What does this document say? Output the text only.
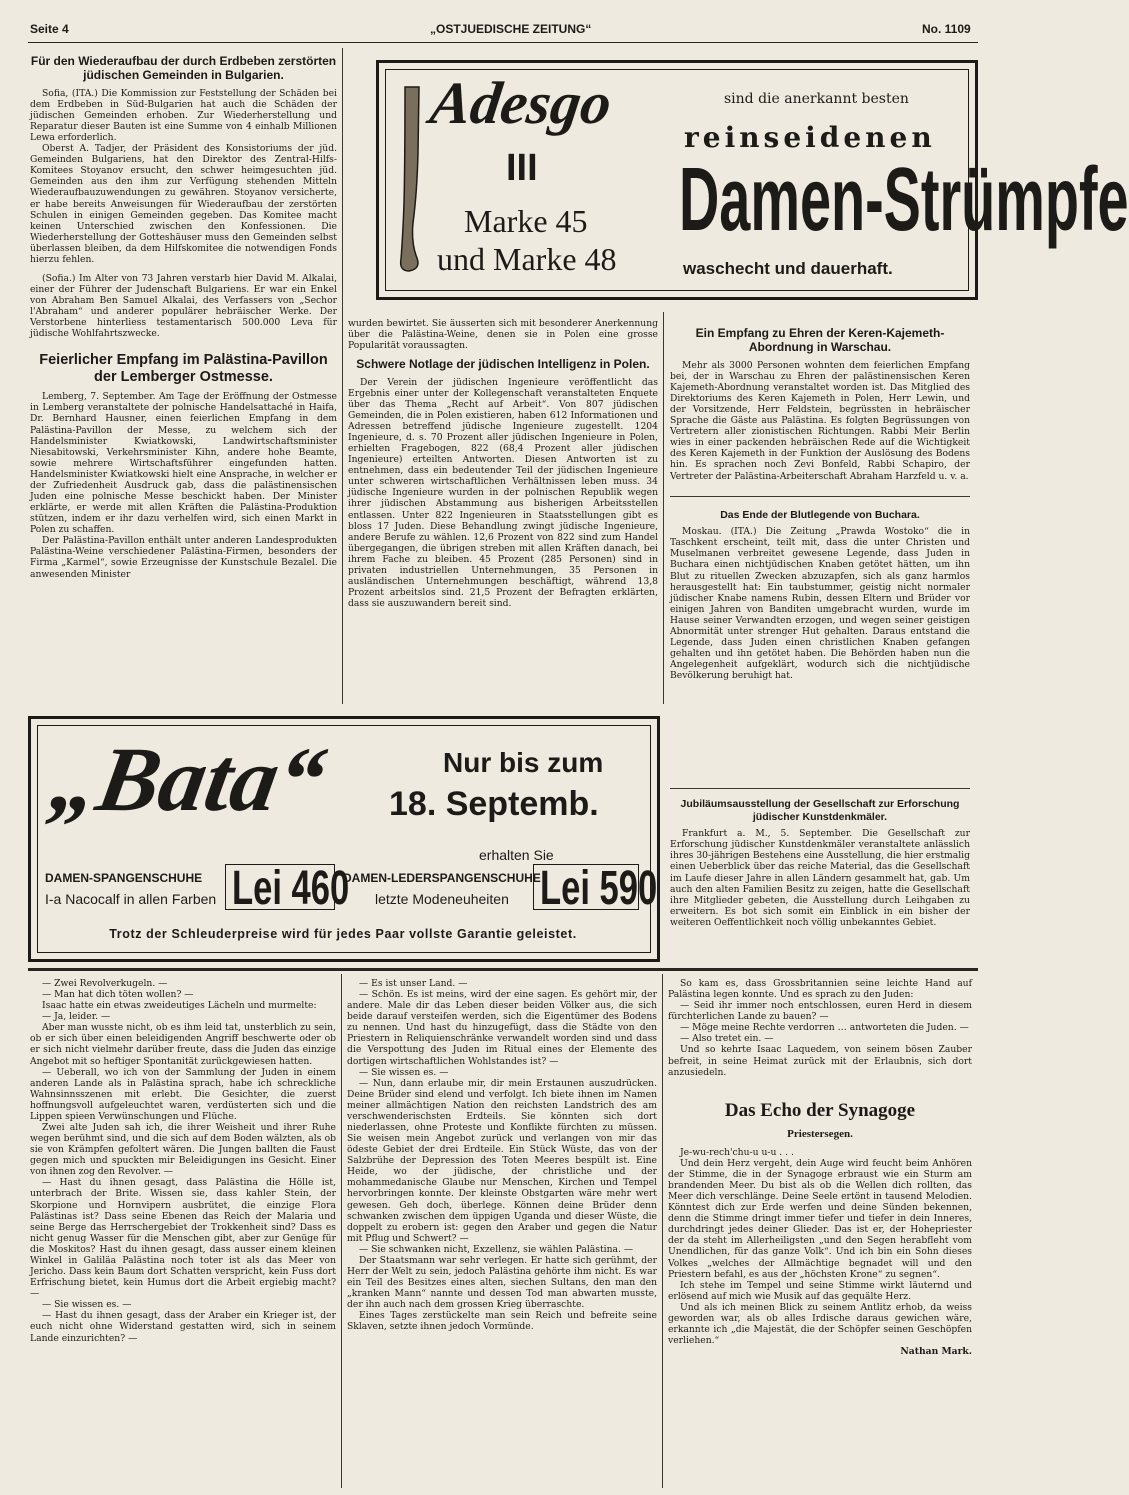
Seite 4	„OSTJUEDISCHE ZEITUNG“	No. 1109
Für den Wiederaufbau der durch Erdbeben zerstörten jüdischen Gemeinden in Bulgarien.

Sofia, (ITA.) Die Kommission zur Feststellung der Schäden bei dem Erdbeben in Süd-Bulgarien hat auch die Schäden der jüdischen Gemeinden erhoben. Zur Wiederherstellung und Reparatur dieser Bauten ist eine Summe von 4 einhalb Millionen Lewa erforderlich.

Oberst A. Tadjer, der Präsident des Konsistoriums der jüd. Gemeinden Bulgariens, hat den Direktor des Zentral-Hilfs-Komitees Stoyanov ersucht, den schwer heimgesuchten jüd. Gemeinden aus den ihm zur Verfügung stehenden Mitteln Wiederaufbauzuwendungen zu gewähren. Stoyanov versicherte, er habe bereits Anweisungen für Wiederaufbau der zerstörten Schulen in einigen Gemeinden gegeben. Das Komitee macht keinen Unterschied zwischen den Konfessionen. Die Wiederherstellung der Gotteshäuser muss den Gemeinden selbst überlassen bleiben, da dem Hilfskomitee die notwendigen Fonds hierzu fehlen.

(Sofia.) Im Alter von 73 Jahren verstarb hier David M. Alkalai, einer der Führer der Judenschaft Bulgariens. Er war ein Enkel von Abraham Ben Samuel Alkalai, des Verfassers von „Sechor l'Abraham“ und anderer populärer hebräischer Werke. Der Verstorbene hinterliess testamentarisch 500.000 Leva für jüdische Wohlfahrtszwecke.

Feierlicher Empfang im Palästina-Pavillon der Lemberger Ostmesse.

Lemberg, 7. September. Am Tage der Eröffnung der Ostmesse in Lemberg veranstaltete der polnische Handelsattaché in Haifa, Dr. Bernhard Hausner, einen feierlichen Empfang in dem Palästina-Pavillon der Messe, zu welchem sich der Handelsminister Kwiatkowski, Landwirtschaftsminister Niesabitowski, Verkehrsminister Kihn, andere hohe Beamte, sowie mehrere Wirtschaftsführer eingefunden hatten. Handelsminister Kwiatkowski hielt eine Ansprache, in welcher er der Zufriedenheit Ausdruck gab, dass die palästinensischen Juden eine polnische Messe beschickt haben. Der Minister erklärte, er werde mit allen Kräften die Palästina-Produktion stützen, indem er ihr dazu verhelfen wird, sich einen Markt in Polen zu schaffen.

Der Palästina-Pavillon enthält unter anderen Landesprodukten Palästina-Weine verschiedener Palästina-Firmen, besonders der Firma „Karmel“, sowie Erzeugnisse der Kunstschule Bezalel. Die anwesenden Minister

Adesgo	sind die anerkannt besten
reinseidenen
III Damen-Strümpfe
Marke 45
und Marke 48	waschecht und dauerhaft.

wurden bewirtet. Sie äusserten sich mit besonderer Anerkennung über die Palästina-Weine, denen sie in Polen eine grosse Popularität voraussagten.

Schwere Notlage der jüdischen Intelligenz in Polen.

Der Verein der jüdischen Ingenieure veröffentlicht das Ergebnis einer unter der Kollegenschaft veranstalteten Enquete über das Thema „Recht auf Arbeit“. Von 807 jüdischen Gemeinden, die in Polen existieren, haben 612 Informationen und Adressen betreffend jüdische Ingenieure zugestellt. 1204 Ingenieure, d. s. 70 Prozent aller jüdischen Ingenieure in Polen, erhielten Fragebogen, 822 (68,4 Prozent aller jüdischen Ingenieure) erteilten Antworten. Diesen Antworten ist zu entnehmen, dass ein bedeutender Teil der jüdischen Ingenieure unter schweren wirtschaftlichen Verhältnissen leben muss. 34 jüdische Ingenieure wurden in der polnischen Republik wegen ihrer jüdischen Abstammung aus bisherigen Arbeitsstellen entlassen. Unter 822 Ingenieuren in Staatsstellungen gibt es bloss 17 Juden. Diese Behandlung zwingt jüdische Ingenieure, andere Berufe zu wählen. 12,6 Prozent von 822 sind zum Handel übergegangen, die übrigen streben mit allen Kräften danach, bei ihrem Fache zu bleiben. 45 Prozent (285 Personen) sind in privaten industriellen Unternehmungen, 35 Personen in ausländischen Unternehmungen beschäftigt, während 13,8 Prozent arbeitslos sind. 21,5 Prozent der Befragten erklärten, dass sie auszuwandern bereit sind.

Ein Empfang zu Ehren der Keren-Kajemeth-Abordnung in Warschau.

Mehr als 3000 Personen wohnten dem feierlichen Empfang bei, der in Warschau zu Ehren der palästinensischen Keren Kajemeth-Abordnung veranstaltet worden ist. Das Mitglied des Direktoriums des Keren Kajemeth in Polen, Herr Lewin, und der Vorsitzende, Herr Feldstein, begrüssten in hebräischer Sprache die Gäste aus Palästina. Es folgten Begrüssungen von Vertretern aller zionistischen Richtungen. Rabbi Meir Berlin wies in einer packenden hebräischen Rede auf die Wichtigkeit des Keren Kajemeth in der Funktion der Auslösung des Bodens hin. Es sprachen noch Zevi Bonfeld, Rabbi Schapiro, der Vertreter der Palästina-Arbeiterschaft Abraham Harzfeld u. v. a.

Das Ende der Blutlegende von Buchara.

Moskau. (ITA.) Die Zeitung „Prawda Wostoko“ die in Taschkent erscheint, teilt mit, dass die unter Christen und Muselmanen verbreitet gewesene Legende, dass Juden in Buchara einen nichtjüdischen Knaben getötet hätten, um ihn Blut zu rituellen Zwecken abzuzapfen, sich als ganz harmlos herausgestellt hat: Ein taubstummer, geistig nicht normaler jüdischer Knabe namens Rubin, dessen Eltern und Brüder vor einigen Jahren von Banditen umgebracht wurden, wurde im Hause seiner Verwandten erzogen, und wegen seiner geistigen Abnormität unter strenger Hut gehalten. Daraus entstand die Legende, dass Juden einen christlichen Knaben gefangen gehalten und ihn getötet haben. Die Behörden haben nun die Angelegenheit aufgeklärt, wodurch sich die nichtjüdische Bevölkerung beruhigt hat.

Jubiläumsausstellung der Gesellschaft zur Erforschung jüdischer Kunstdenkmäler.

Frankfurt a. M., 5. September. Die Gesellschaft zur Erforschung jüdischer Kunstdenkmäler veranstaltete anlässlich ihres 30-jährigen Bestehens eine Ausstellung, die hier erstmalig einen Ueberblick über das reiche Material, das die Gesellschaft im Laufe dieser Jahre in allen Ländern gesammelt hat, gab. Um auch den alten Familien Besitz zu zeigen, hatte die Gesellschaft ihre Mitglieder gebeten, die Ausstellung durch Leihgaben zu erweitern. Es bot sich somit ein Einblick in ein bisher der weiteren Oeffentlichkeit noch völlig unbekanntes Gebiet.

„Bata“	Nur bis zum
18. Septemb.
erhalten Sie
DAMEN-SPANGENSCHUHE
I-a Nacocalf in allen Farben Lei 460
DAMEN-LEDERSPANGENSCHUHE
letzte Modeneuheiten Lei 590
Trotz der Schleuderpreise wird für jedes Paar vollste Garantie geleistet.

— Zwei Revolverkugeln. —

— Man hat dich töten wollen? —

Isaac hatte ein etwas zweideutiges Lächeln und murmelte:

— Ja, leider. —

Aber man wusste nicht, ob es ihm leid tat, unsterblich zu sein, ob er sich über einen beleidigenden Angriff beschwerte oder ob er sich nicht vielmehr darüber freute, dass die Juden das einzige Angebot mit so heftiger Spontanität zurückgewiesen hatten.

— Ueberall, wo ich von der Sammlung der Juden in einem anderen Lande als in Palästina sprach, habe ich schreckliche Wahnsinnsszenen mit erlebt. Die Gesichter, die zuerst hoffnungsvoll aufgeleuchtet waren, verdüsterten sich und die Lippen spieen Verwünschungen und Flüche.

Zwei alte Juden sah ich, die ihrer Weisheit und ihrer Ruhe wegen berühmt sind, und die sich auf dem Boden wälzten, als ob sie von Krämpfen gefoltert wären. Die Jungen ballten die Faust gegen mich und spuckten mir Beleidigungen ins Gesicht. Einer von ihnen zog den Revolver. —

— Hast du ihnen gesagt, dass Palästina die Hölle ist, unterbrach der Brite. Wissen sie, dass kahler Stein, der Skorpione und Hornvipern ausbrütet, die einzige Flora Palästinas ist? Dass seine Ebenen das Reich der Malaria und seine Berge das Herrschergebiet der Trokkenheit sind? Dass es nicht genug Wasser für die Menschen gibt, aber zur Genüge für die Moskitos? Hast du ihnen gesagt, dass ausser einem kleinen Winkel in Galiläa Palästina noch toter ist als das Meer von Jericho. Dass kein Baum dort Schatten verspricht, kein Fuss dort Erfrischung bietet, kein Humus dort die Arbeit ergiebig macht? —

— Sie wissen es. —

— Hast du ihnen gesagt, dass der Araber ein Krieger ist, der euch nicht ohne Widerstand gestatten wird, sich in seinem Lande einzurichten? —

— Es ist unser Land. —

— Schön. Es ist meins, wird der eine sagen. Es gehört mir, der andere. Male dir das Leben dieser beiden Völker aus, die sich beide darauf versteifen werden, sich die Eigentümer des Bodens zu nennen. Und hast du hinzugefügt, dass die Städte von den Priestern in Reliquienschränke verwandelt worden sind und dass die Verspottung des Juden im Ritual eines der Elemente des dortigen wirtschaftlichen Wohlstandes ist? —

— Sie wissen es. —

— Nun, dann erlaube mir, dir mein Erstaunen auszudrücken. Deine Brüder sind elend und verfolgt. Ich biete ihnen im Namen meiner allmächtigen Nation den reichsten Landstrich des am verschwenderischsten Erdteils. Sie könnten sich dort niederlassen, ohne Proteste und Konflikte fürchten zu müssen. Sie weisen mein Angebot zurück und verlangen von mir das ödeste Gebiet der drei Erdteile. Ein Stück Wüste, das von der Salzbrühe der Depression des Toten Meeres bespült ist. Eine Heide, wo der jüdische, der christliche und der mohammedanische Glaube nur Menschen, Kirchen und Tempel hervorbringen konnte. Der kleinste Obstgarten wäre mehr wert gewesen. Geh doch, überlege. Können deine Brüder denn schwanken zwischen dem üppigen Uganda und dieser Wüste, die doppelt zu erobern ist: gegen den Araber und gegen die Natur mit Pflug und Schwert? —

— Sie schwanken nicht, Exzellenz, sie wählen Palästina. —

Der Staatsmann war sehr verlegen. Er hatte sich gerühmt, der Herr der Welt zu sein, jedoch Palästina gehörte ihm nicht. Es war ein Teil des Besitzes eines alten, siechen Sultans, den man den „kranken Mann“ nannte und dessen Tod man abwarten musste, der ihn auch nach dem grossen Krieg überraschte.

Eines Tages zerstückelte man sein Reich und befreite seine Sklaven, setzte ihnen jedoch Vormünde.

So kam es, dass Grossbritannien seine leichte Hand auf Palästina legen konnte. Und es sprach zu den Juden:

— Seid ihr immer noch entschlossen, euren Herd in diesem fürchterlichen Lande zu bauen? —

— Möge meine Rechte verdorren … antworteten die Juden. —

— Also tretet ein. —

Und so kehrte Isaac Laquedem, von seinem bösen Zauber befreit, in seine Heimat zurück mit der Erlaubnis, sich dort anzusiedeln.

Das Echo der Synagoge
Priestersegen.

Je-wu-rech'chu-u u-u . . .

Und dein Herz vergeht, dein Auge wird feucht beim Anhören der Stimme, die in der Synagoge erbraust wie ein Sturm am brandenden Meer. Du bist als ob die Wellen dich rollten, das Meer dich verschlänge. Deine Seele ertönt in tausend Melodien. Könntest dich zur Erde werfen und deine Sünden bekennen, denn die Stimme dringt immer tiefer und tiefer in dein Inneres, durchdringt jedes deiner Glieder. Das ist er, der Hohepriester der da steht im Allerheiligsten „und den Segen herabfleht vom Unendlichen, für das ganze Volk“. Und ich bin ein Sohn dieses Volkes „welches der Allmächtige begnadet will und den Priestern befahl, es aus der „höchsten Krone“ zu segnen“.

Ich stehe im Tempel und seine Stimme wirkt läuternd und erlösend auf mich wie Musik auf das gequälte Herz.

Und als ich meinen Blick zu seinem Antlitz erhob, da weiss geworden war, als ob alles Irdische daraus gewichen wäre, erkannte ich „die Majestät, die der Schöpfer seinen Geschöpfen verliehen.“

Nathan Mark.
